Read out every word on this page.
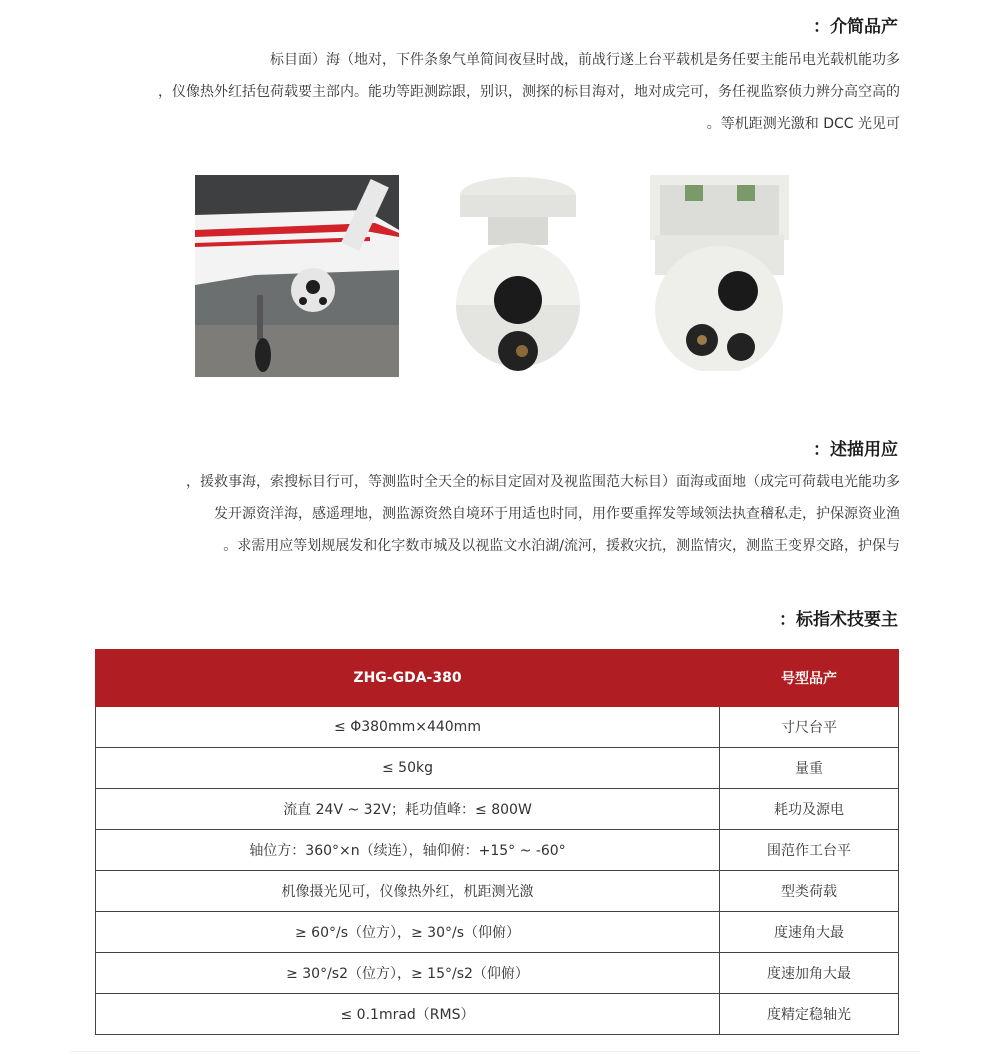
：介简品产

标目面）海（地对，下件条象气单简间夜昼时战，前战行遂上台平载机是务任要主能吊电光载机能功多

，仪像热外红括包荷载要主部内。能功等距测踪跟，别识，测探的标目海对，地对成完可，务任视监察侦力辨分高空高的

。等机距测光激和 DCC 光见可

：述描用应

，援救事海，索搜标目行可，等测监时全天全的标目定固对及视监围范大标目）面海或面地（成完可荷载电光能功多

发开源资洋海，感遥理地，测监源资然自境环于用适也时同，用作要重挥发等域领法执查稽私走，护保源资业渔

。求需用应等划规展发和化字数市城及以视监文水泊湖/流河，援救灾抗，测监情灾，测监王变界交路，护保与

：标指术技要主
ZHG-GDA-380	号型品产
≤ Φ380mm×440mm	寸尺台平
≤ 50kg	量重
流直 24V ~ 32V；耗功值峰：≤ 800W	耗功及源电
轴位方：360°×n（续连），轴仰俯：+15° ~ -60°	围范作工台平
机像摄光见可，仪像热外红，机距测光激	型类荷载
≥ 60°/s（位方），≥ 30°/s（仰俯）	度速角大最
≥ 30°/s2（位方），≥ 15°/s2（仰俯）	度速加角大最
≤ 0.1mrad（RMS）	度精定稳轴光
